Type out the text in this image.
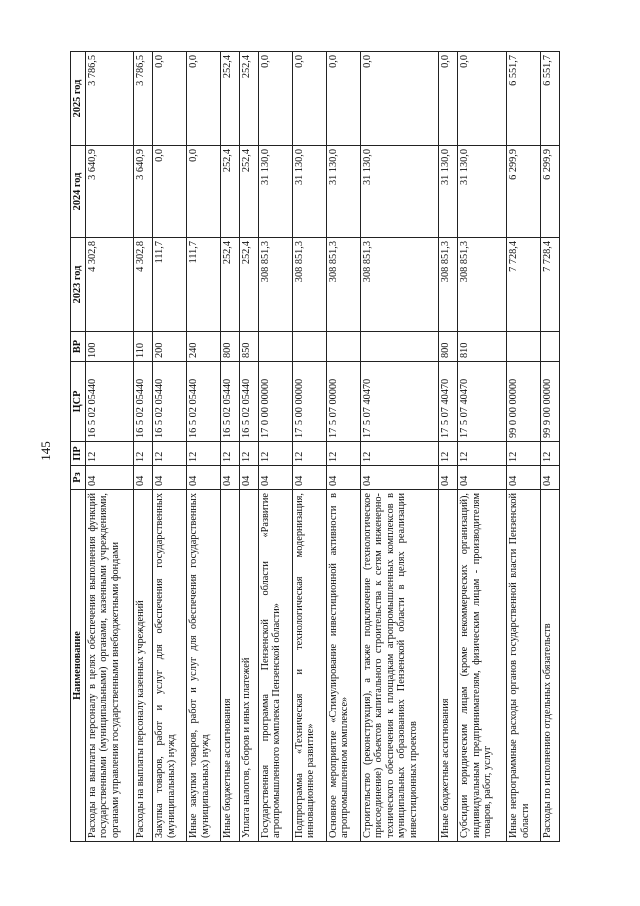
145
Наименование	Рз	ПР	ЦСР	ВР	2023 год	2024 год	2025 год
Расходы на выплаты персоналу в целях обеспечения выполнения функций государственными (муниципальными) органами, казенными учреждениями, органами управления государственными внебюджетными фондами	04	12	16 5 02 05440	100	4 302,8	3 640,9	3 786,5
Расходы на выплаты персоналу казенных учреждений	04	12	16 5 02 05440	110	4 302,8	3 640,9	3 786,5
Закупка товаров, работ и услуг для обеспечения государственных (муниципальных) нужд	04	12	16 5 02 05440	200	111,7	0,0	0,0
Иные закупки товаров, работ и услуг для обеспечения государственных (муниципальных) нужд	04	12	16 5 02 05440	240	111,7	0,0	0,0
Иные бюджетные ассигнования	04	12	16 5 02 05440	800	252,4	252,4	252,4
Уплата налогов, сборов и иных платежей	04	12	16 5 02 05440	850	252,4	252,4	252,4
Государственная программа Пензенской области «Развитие агропромышленного комплекса Пензенской области»	04	12	17 0 00 00000		308 851,3	31 130,0	0,0
Подпрограмма «Техническая и технологическая модернизация, инновационное развитие»	04	12	17 5 00 00000		308 851,3	31 130,0	0,0
Основное мероприятие «Стимулирование инвестиционной активности в агропромышленном комплексе»	04	12	17 5 07 00000		308 851,3	31 130,0	0,0
Строительство (реконструкция), а также подключение (технологическое присоединение) объектов капитального строительства к сетям инженерно-технического обеспечения к площадкам агропромышленных комплексов в муниципальных образованиях Пензенской области в целях реализации инвестиционных проектов	04	12	17 5 07 40470		308 851,3	31 130,0	0,0
Иные бюджетные ассигнования	04	12	17 5 07 40470	800	308 851,3	31 130,0	0,0
Субсидии юридическим лицам (кроме некоммерческих организаций), индивидуальным предпринимателям, физическим лицам - производителям товаров, работ, услуг	04	12	17 5 07 40470	810	308 851,3	31 130,0	0,0
Иные непрограммные расходы органов государственной власти Пензенской области	04	12	99 0 00 00000		7 728,4	6 299,9	6 551,7
Расходы по исполнению отдельных обязательств	04	12	99 9 00 00000		7 728,4	6 299,9	6 551,7
